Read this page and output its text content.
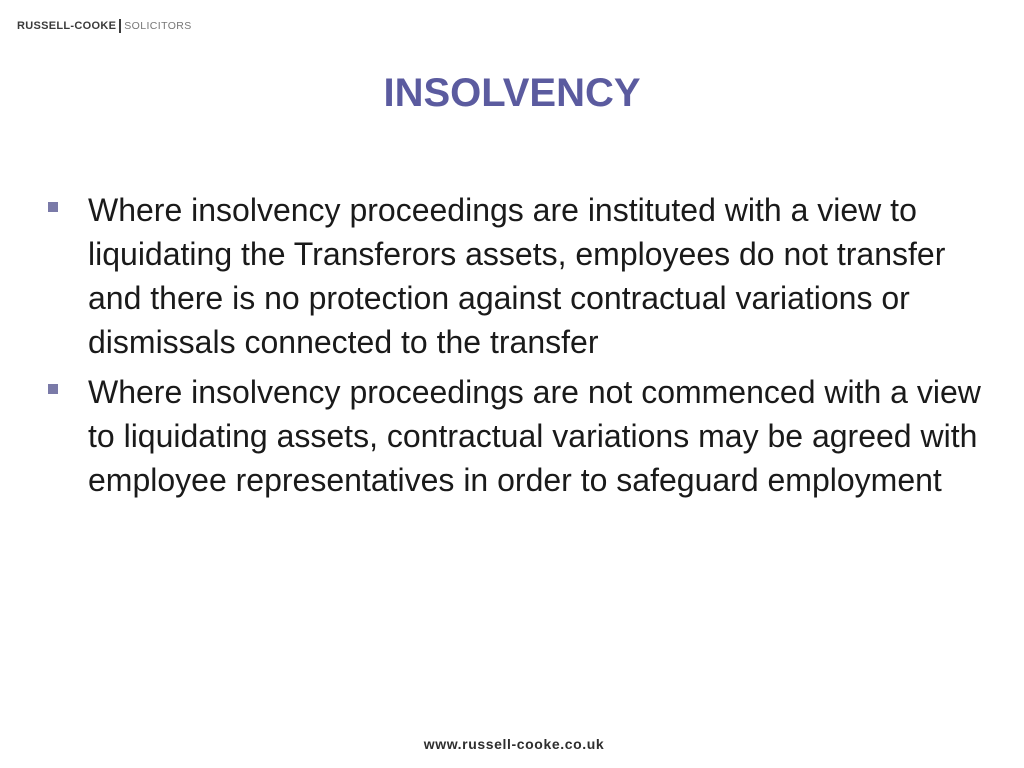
RUSSELL-COOKE SOLICITORS
INSOLVENCY
Where insolvency proceedings are instituted with a view to liquidating the Transferors assets, employees do not transfer and there is no protection against contractual variations or dismissals connected to the transfer
Where insolvency proceedings are not commenced with a view to liquidating assets, contractual variations may be agreed with employee representatives in order to safeguard employment
www.russell-cooke.co.uk
